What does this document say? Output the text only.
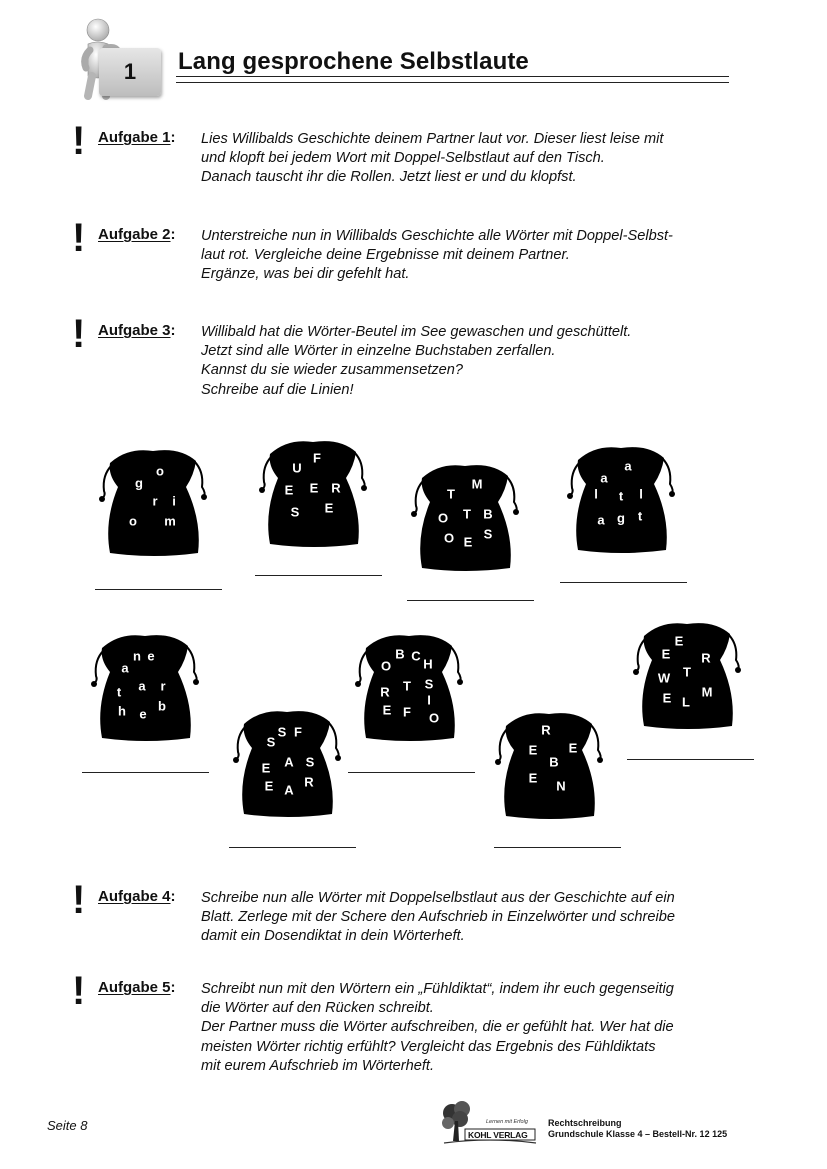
1 Lang gesprochene Selbstlaute
! Aufgabe 1: Lies Willibalds Geschichte deinem Partner laut vor. Dieser liest leise mit
und klopft bei jedem Wort mit Doppel-Selbstlaut auf den Tisch.
Danach tauscht ihr die Rollen. Jetzt liest er und du klopfst.
! Aufgabe 2: Unterstreiche nun in Willibalds Geschichte alle Wörter mit Doppel-Selbst-
laut rot. Vergleiche deine Ergebnisse mit deinem Partner.
Ergänze, was bei dir gefehlt hat.
! Aufgabe 3: Willibald hat die Wörter-Beutel im See gewaschen und geschüttelt.
Jetzt sind alle Wörter in einzelne Buchstaben zerfallen.
Kannst du sie wieder zusammensetzen?
Schreibe auf die Linien!
o
g
r i
o m
F
U
E E R
S E
M
T
O T B
O E
S
a
a
l t l
a g t
n e
a
t a r
h e
b
B C
O H
R T S
E F
I
O
E
R
E
T
W
E L
M
S F
S
E A S
E A
R
R
E E
B
E
N
! Aufgabe 4: Schreibe nun alle Wörter mit Doppelselbstlaut aus der Geschichte auf ein
Blatt. Zerlege mit der Schere den Aufschrieb in Einzelwörter und schreibe
damit ein Dosendiktat in dein Wörterheft.
! Aufgabe 5: Schreibt nun mit den Wörtern ein „Fühldiktat“, indem ihr euch gegenseitig
die Wörter auf den Rücken schreibt.
Der Partner muss die Wörter aufschreiben, die er gefühlt hat. Wer hat die
meisten Wörter richtig erfühlt? Vergleicht das Ergebnis des Fühldiktats
mit eurem Aufschrieb im Wörterheft.
Seite 8	Lernen mit Erfolg
KOHL VERLAG
Rechtschreibung
Grundschule Klasse 4 – Bestell-Nr. 12 125
